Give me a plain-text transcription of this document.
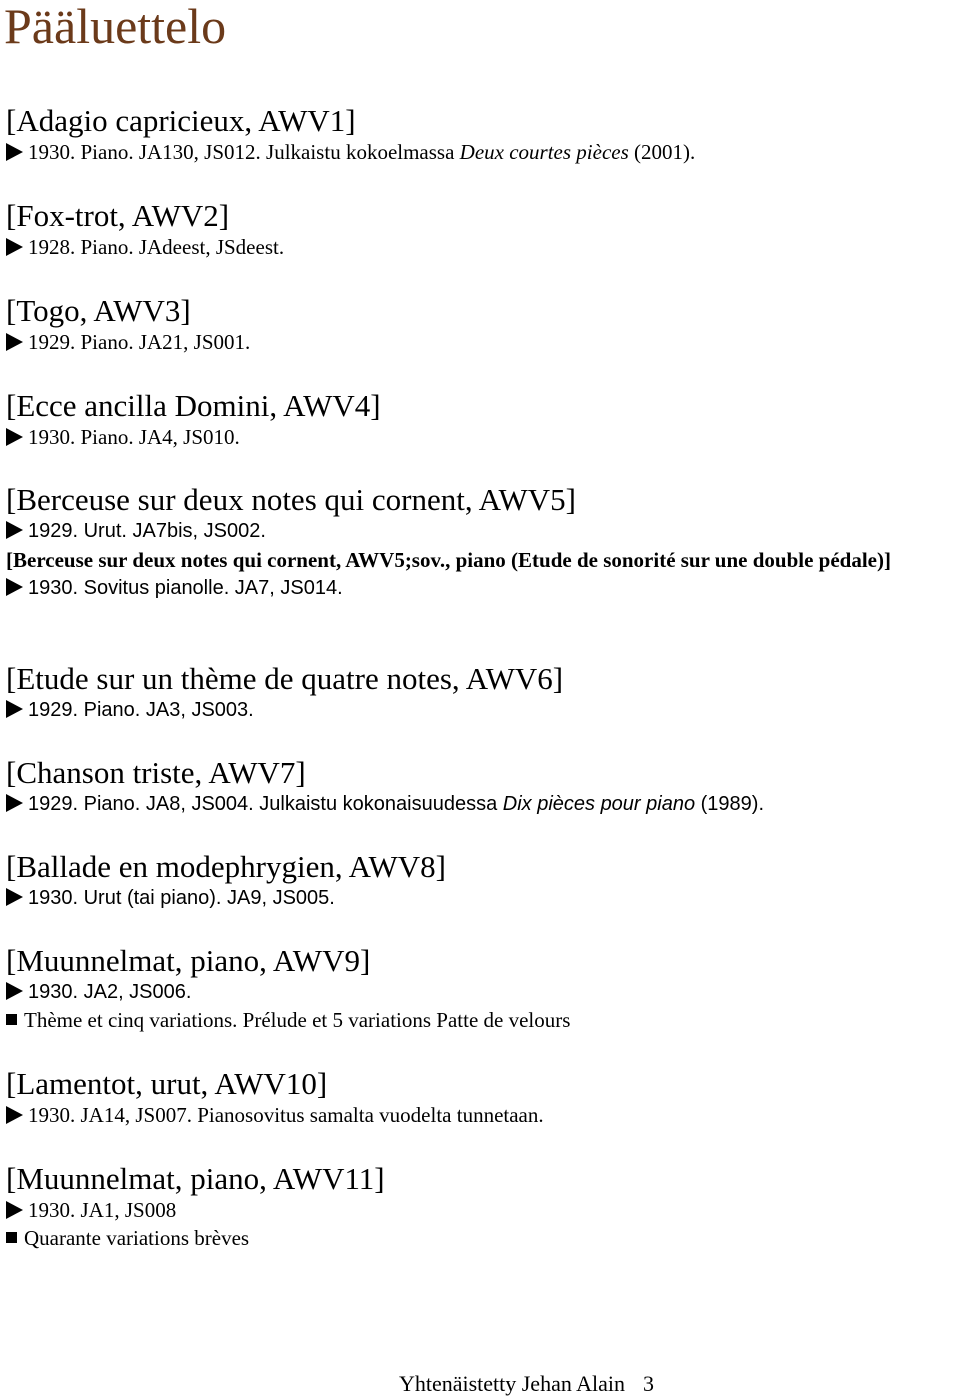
Pääluettelo
[Adagio capricieux, AWV1]
1930. Piano. JA130, JS012. Julkaistu kokoelmassa Deux courtes pièces (2001).
[Fox-trot, AWV2]
1928. Piano. JAdeest, JSdeest.
[Togo, AWV3]
1929. Piano. JA21, JS001.
[Ecce ancilla Domini, AWV4]
1930. Piano. JA4, JS010.
[Berceuse sur deux notes qui cornent, AWV5]
1929. Urut. JA7bis, JS002.
[Berceuse sur deux notes qui cornent, AWV5;sov., piano (Etude de sonorité sur une double pédale)]
1930. Sovitus pianolle. JA7, JS014.
[Etude sur un thème de quatre notes, AWV6]
1929. Piano. JA3, JS003.
[Chanson triste, AWV7]
1929. Piano. JA8, JS004. Julkaistu kokonaisuudessa Dix pièces pour piano (1989).
[Ballade en modephrygien, AWV8]
1930. Urut (tai piano). JA9, JS005.
[Muunnelmat, piano, AWV9]
1930. JA2, JS006.
Thème et cinq variations. Prélude et 5 variations Patte de velours
[Lamentot, urut, AWV10]
1930. JA14, JS007. Pianosovitus samalta vuodelta tunnetaan.
[Muunnelmat, piano, AWV11]
1930. JA1, JS008
Quarante variations brèves
Yhtenäistetty Jehan Alain 3
